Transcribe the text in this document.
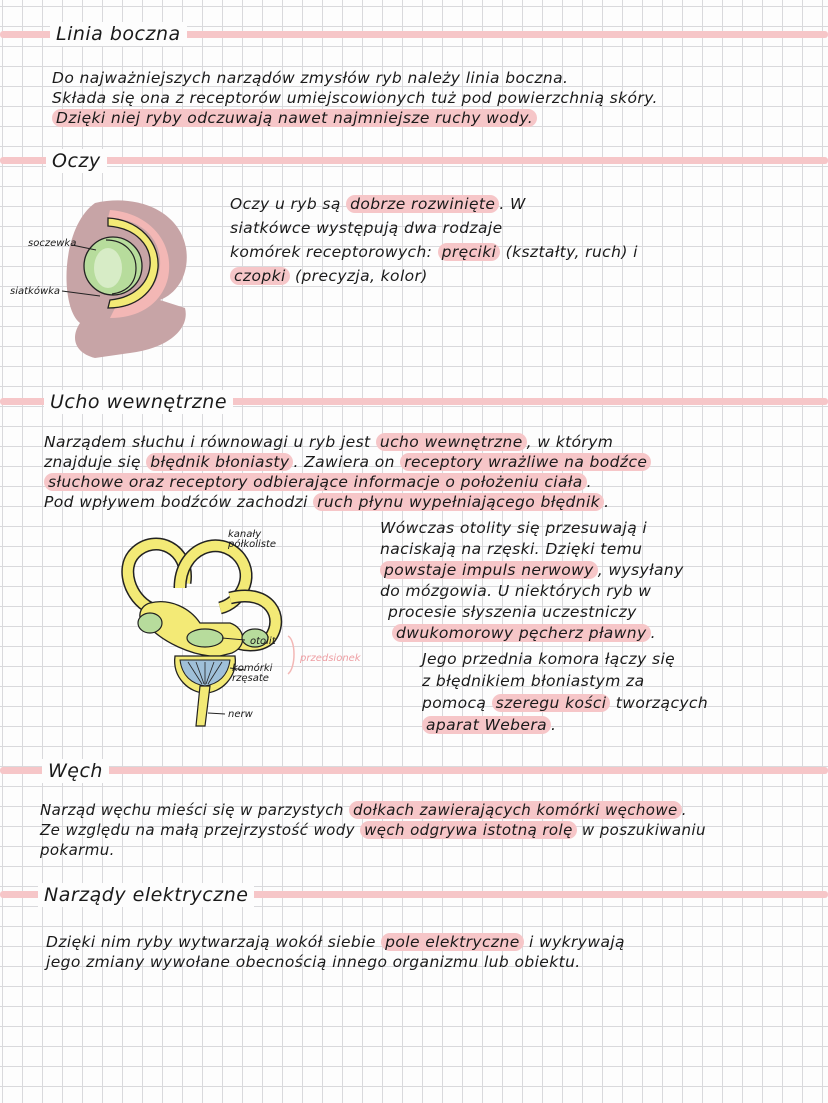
Linia boczna
Do najważniejszych narządów zmysłów ryb należy linia boczna.
Składa się ona z receptorów umiejscowionych tuż pod powierzchnią skóry.
Dzięki niej ryby odczuwają nawet najmniejsze ruchy wody.
Oczy
soczewka
siatkówka
Oczy u ryb są dobrze rozwinięte . W
siatkówce występują dwa rodzaje
komórek receptorowych: pręciki (kształty, ruch) i
czopki (precyzja, kolor)
Ucho wewnętrzne
Narządem słuchu i równowagi u ryb jest ucho wewnętrzne , w którym
znajduje się błędnik błoniasty . Zawiera on receptory wrażliwe na bodźce
słuchowe oraz receptory odbierające informacje o położeniu ciała .
Pod wpływem bodźców zachodzi ruch płynu wypełniającego błędnik .
kanały
półkoliste
otolit
komórki
rzęsate
nerw
przedsionek
Wówczas otolity się przesuwają i
naciskają na rzęski. Dzięki temu
powstaje impuls nerwowy , wysyłany
do mózgowia. U niektórych ryb w
procesie słyszenia uczestniczy
dwukomorowy pęcherz pławny .
Jego przednia komora łączy się
z błędnikiem błoniastym za
pomocą szeregu kości tworzących
aparat Webera .
Węch
Narząd węchu mieści się w parzystych dołkach zawierających komórki węchowe .
Ze względu na małą przejrzystość wody węch odgrywa istotną rolę w poszukiwaniu
pokarmu.
Narządy elektryczne
Dzięki nim ryby wytwarzają wokół siebie pole elektryczne i wykrywają
jego zmiany wywołane obecnością innego organizmu lub obiektu.
